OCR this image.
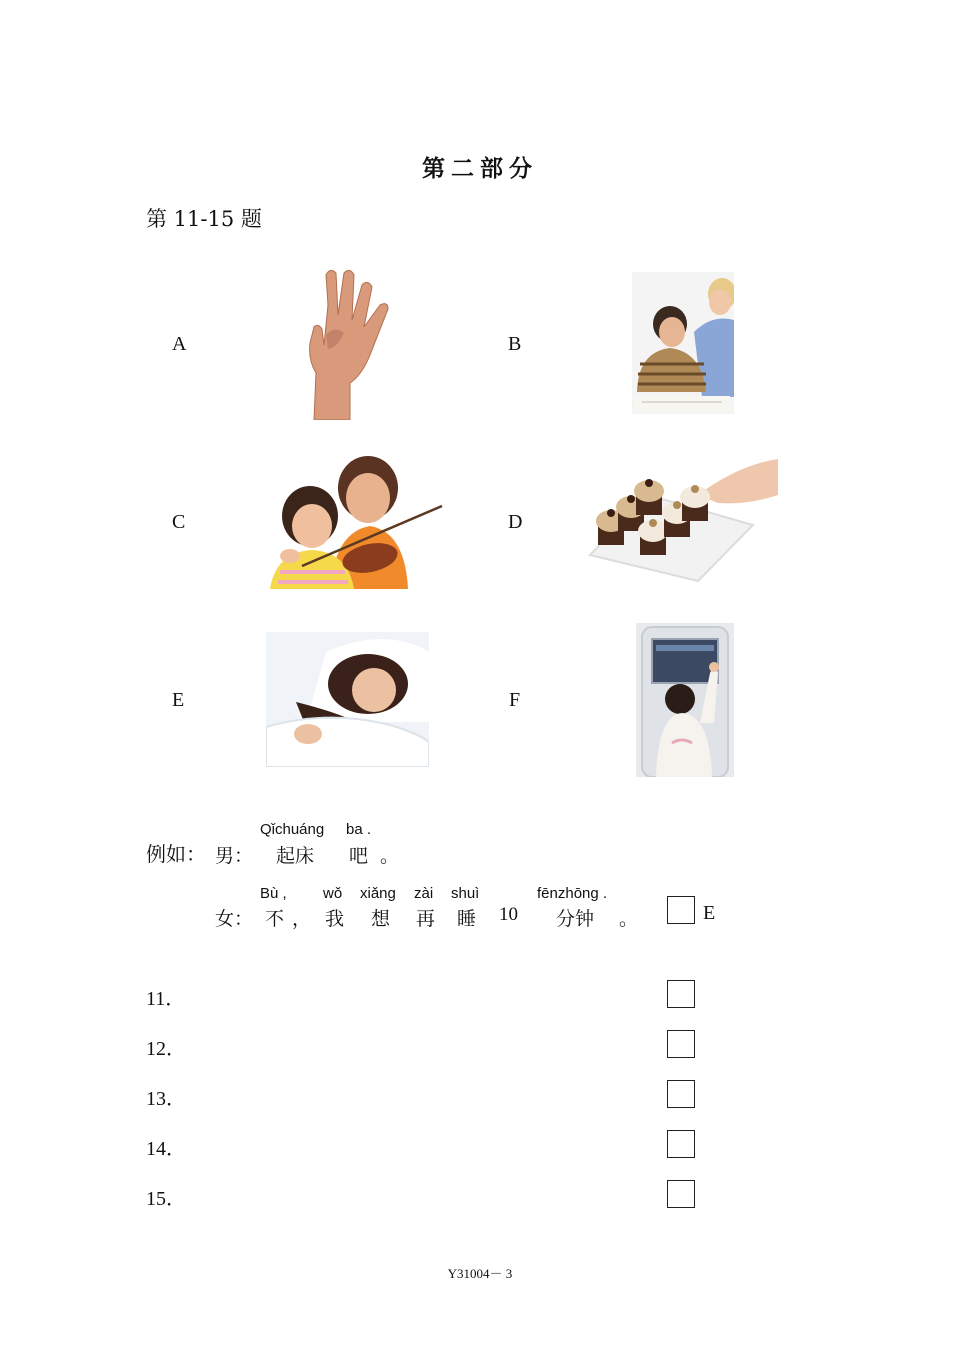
第二部分
第 11-15 题
A	B
C	D
E	F
例如： 男：
Qǐchuáng ba .
起床 吧 。
女：
Bù , wǒ xiǎng zài shuì	fēnzhōng .
不 ， 我 想 再 睡 10 分钟 。	E
11．
12．
13．
14．
15．
Y31004－ 3
